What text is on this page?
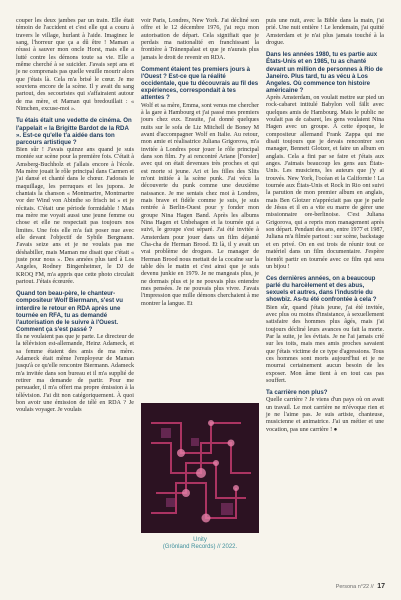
couper les deux jambes par un train. Elle était témoin de l'accident et c'est elle qui a couru à travers le village, hurlant à l'aide. Imaginez le sang, l'horreur que ça a dû être ! Maman a réussi à sauver mon oncle Horst, mais elle a lutté contre les démons toute sa vie. Elle a même cherché à se suicider. J'avais sept ans et je ne comprenais pas quelle veuille mourir alors que j'étais là. Cela m'a brisé le cœur. Je me souviens encore de la scène. Il y avait du sang partout, des secouristes qui s'affairaient autour de ma mère, et Maman qui bredouillait : « Nimchen, excuse-moi ».

Tu étais était une vedette de cinéma. On l'appelait « la Brigitte Bardot de la RDA ». Est-ce qu'elle t'a aidée dans ton parcours artistique ?

Bien sûr ! J'avais quinze ans quand je suis montée sur scène pour la première fois. C'était à Amsberg-Buchholz et j'allais encore à l'école. Ma mère jouait le rôle principal dans Carmen et j'ai dansé et chanté dans le chœur. J'adorais le maquillage, les perruques et les jupons. Je chantais la chanson « Montmartre, Montmartre vor der Wind von Abinthe so frisch ist » et je récitais. C'était une période formidable ! Mais ma mère me voyait aussi une jeune femme ou chose et elle ne respectait pas toujours nos limites. Une fois elle m'a fait poser nue avec elle devant l'objectif de Sybile Bergmann. J'avais seize ans et je ne voulais pas me déshabiller, mais Maman me disait que c'était « juste pour nous ». Des années plus tard à Los Angeles, Rodney Bingenheimer, le DJ de KROQ FM, m'a appris que cette photo circulait partout. J'étais écœurée.

Quand ton beau-père, le chanteur-compositeur Wolf Biermann, s'est vu interdire le retour en RDA après une tournée en RFA, tu as demandé l'autorisation de le suivre à l'Ouest. Comment ça s'est passé ?

Ils ne voulaient pas que je parte. Le directeur de la télévision est-allemande, Heinz Adameck, et sa femme étaient des amis de ma mère. Adameck était même l'employeur de Maman jusqu'à ce qu'elle rencontre Biermann. Adameck m'a invitée dans son bureau et il m'a supplié de retirer ma demande de partir. Pour me persuader, il m'a offert ma propre émission à la télévision. J'ai dit non catégoriquement. À quoi bon avoir une émission de télé en RDA ? Je voulais voyager. Je voulais

voir Paris, Londres, New York. J'ai décliné son offre et le 12 décembre 1976, j'ai reçu mon autorisation de départ. Cela signifiait que je perdais ma nationalité en franchissant la frontière à Tränenpalast et que je n'aurais plus jamais le droit de revenir en RDA.

Comment étaient tes premiers jours à l'Ouest ? Est-ce que la réalité occidentale, que tu découvrais au fil des expériences, correspondait à tes attentes ?

Wolf et sa mère, Emma, sont venus me chercher à la gare à Hambourg et j'ai passé mes premiers jours chez eux. Ensuite, j'ai donné quelques nuits sur le sofa de Liz Mitchell de Boney M avant d'accompagner Wolf en Italie. Au retour, mon amie et réalisatrice Juliana Grigorova, m'a invitée à Londres pour jouer le rôle principal dans son film. J'y ai rencontré Ariane [Forster] avec qui on était devenues très proches et qui est morte si jeune. Ari et les filles des Slits m'ont initiée à la scène punk. J'ai vécu la découverte du punk comme une deuxième naissance. Je me sentais chez moi à Londres, mais brave et fidèle comme je suis, je suis rentrée à Berlin-Ouest pour y fonder mon groupe Nina Hagen Band. Après les albums Nina Hagen et Unbehagen et la tournée qui a suivi, le groupe s'est séparé. J'ai été invitée à Amsterdam pour jouer dans un film déjanté Cha-cha de Herman Brood. Et là, il y avait un vrai problème de drogues. Le manager de Herman Brood nous mettait de la cocaïne sur la table dès le matin et c'est ainsi que je suis devenu junkie en 1979. Je ne mangeais plus, je ne dormais plus et je ne pouvais plus entendre mes pensées. Je ne pouvais plus vivre. J'avais l'impression que mille démons cherchaient à me montrer la langue. Et

puis une nuit, avec la Bible dans la main, j'ai prié. Une nuit entière ! Le lendemain, j'ai quitté Amsterdam et je n'ai plus jamais touché à la drogue.

Dans les années 1980, tu es partie aux États-Unis et en 1985, tu as chanté devant un million de personnes à Rio de Janeiro. Plus tard, tu as vécu à Los Angeles. Où commence ton histoire américaine ?

Après Amsterdam, on voulait mettre sur pied un rock-cabaret intitulé Babylon voll fällt avec quelques amis de Hambourg. Mais le public ne voulait pas de cabaret, les gens voulaient Nina Hagen avec un groupe. À cette époque, le compositeur allemand Frank Zappa qui me disait toujours que je devais rencontrer son manager, Bennett Glotzer, et faire un album en anglais. Cela a fini par se faire et j'étais aux anges. J'aimais beaucoup les gens aux États-Unis. Les musiciens, les auteurs que j'y ai trouvés. New York, l'océan et la Californie ! La tournée aux États-Unis et Rock in Rio ont suivi la parution de mon premier album en anglais, mais Ben Glotzer n'appréciait pas que je parle de Jésus et il en a vite eu marre de gérer une missionnaire ore-berlinoise. C'est Juliana Grigorova, qui a repris mon management après son départ. Pendant des ans, entre 1977 et 1987, Juliana m'a filmée partout : sur scène, backstage et en privé. On en est trois de réunir tout ce matériel dans un film documentaire. J'espère bientôt partir en tournée avec ce film qui sera un bijou !

Ces dernières années, on a beaucoup parlé du harcèlement et des abus, sexuels et autres, dans l'industrie du showbiz. As-tu été confrontée à cela ?

Bien sûr, quand j'étais jeune, j'ai été invitée, avec plus ou moins d'insistance, à sexuellement satisfaire des hommes plus âgés, mais j'ai toujours décliné leurs avances ou fait la morte. Par la suite, je les évitais. Je ne l'ai jamais crié sur les toits, mais mes amis proches savaient que j'étais victime de ce type d'agressions. Tous ces hommes sont morts aujourd'hui et je ne mourrai certainement aucun besoin de les exposer. Mon âme tient à en tout cas pas souffert.

Ta carrière non plus?

Quelle carrière ? Je viens d'un pays où on avait un travail. Le mot carrière ne m'évoque rien et je ne l'aime pas. Je suis artiste, chanteuse, musicienne et animatrice. J'ai un métier et une vocation, pas une carrière ! ●

Unity
(Grönland Records) // 2022.
Persona n°22 // 17
